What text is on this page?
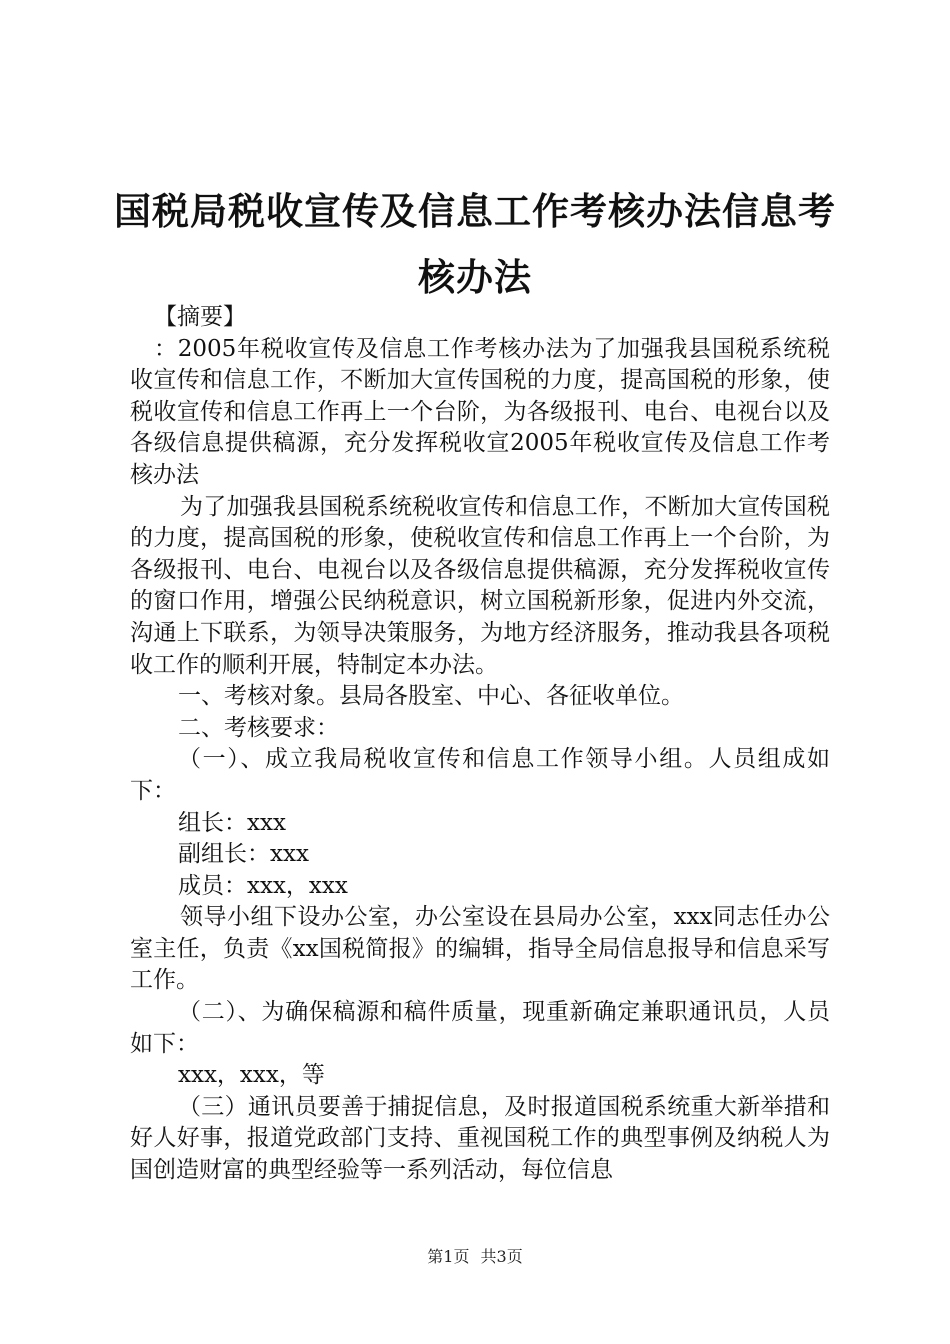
国税局税收宣传及信息工作考核办法信息考核办法

【摘要】

：2005年税收宣传及信息工作考核办法为了加强我县国税系统税收宣传和信息工作，不断加大宣传国税的力度，提高国税的形象，使税收宣传和信息工作再上一个台阶，为各级报刊、电台、电视台以及各级信息提供稿源，充分发挥税收宣2005年税收宣传及信息工作考核办法

为了加强我县国税系统税收宣传和信息工作，不断加大宣传国税的力度，提高国税的形象，使税收宣传和信息工作再上一个台阶，为各级报刊、电台、电视台以及各级信息提供稿源，充分发挥税收宣传的窗口作用，增强公民纳税意识，树立国税新形象，促进内外交流，沟通上下联系，为领导决策服务，为地方经济服务，推动我县各项税收工作的顺利开展，特制定本办法。

一、考核对象。县局各股室、中心、各征收单位。

二、考核要求：

（一）、成立我局税收宣传和信息工作领导小组。人员组成如下：

组长：xxx

副组长：xxx

成员：xxx，xxx

领导小组下设办公室，办公室设在县局办公室，xxx同志任办公室主任，负责《xx国税简报》的编辑，指导全局信息报导和信息采写工作。

（二）、为确保稿源和稿件质量，现重新确定兼职通讯员，人员如下：

xxx，xxx，等

（三）通讯员要善于捕捉信息，及时报道国税系统重大新举措和好人好事，报道党政部门支持、重视国税工作的典型事例及纳税人为国创造财富的典型经验等一系列活动，每位信息

第1页 共3页
